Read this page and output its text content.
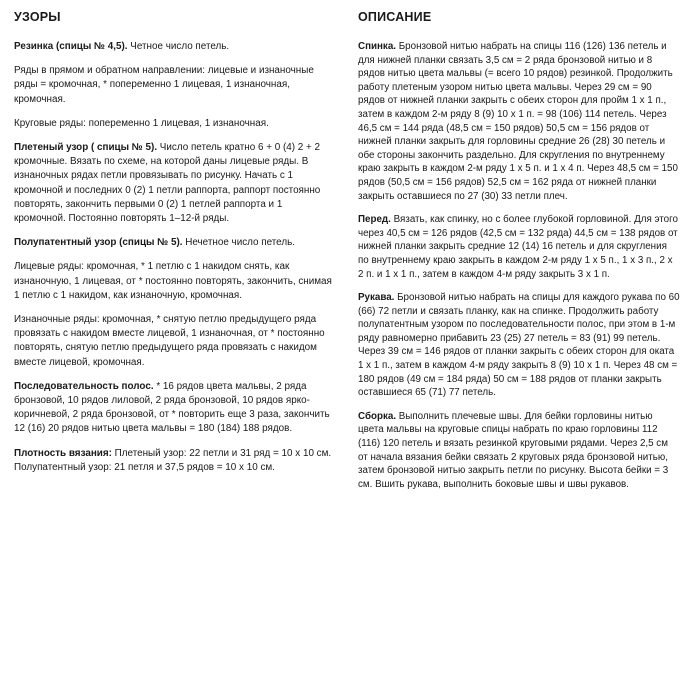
УЗОРЫ

Резинка (спицы № 4,5). Четное число петель.

Ряды в прямом и обратном направлении: лицевые и изнаночные ряды = кромочная, * попеременно 1 лицевая, 1 изнаночная, кромочная.

Круговые ряды: попеременно 1 лицевая, 1 изнаночная.

Плетеный узор ( спицы № 5). Число петель кратно 6 + 0 (4) 2 + 2 кромочные. Вязать по схеме, на которой даны лицевые ряды. В изнаночных рядах петли провязывать по рисунку. Начать с 1 кромочной и последних 0 (2) 1 петли раппорта, раппорт постоянно повторять, закончить первыми 0 (2) 1 петлей раппорта и 1 кромочной. Постоянно повторять 1–12-й ряды.

Полупатентный узор (спицы № 5). Нечетное число петель.

Лицевые ряды: кромочная, * 1 петлю с 1 накидом снять, как изнаночную, 1 лицевая, от * постоянно повторять, закончить, снимая 1 петлю с 1 накидом, как изнаночную, кромочная.

Изнаночные ряды: кромочная, * снятую петлю предыдущего ряда провязать с накидом вместе лицевой, 1 изнаночная, от * постоянно повторять, снятую петлю предыдущего ряда провязать с накидом вместе лицевой, кромочная.

Последовательность полос. * 16 рядов цвета мальвы, 2 ряда бронзовой, 10 рядов лиловой, 2 ряда бронзовой, 10 рядов ярко-коричневой, 2 ряда бронзовой, от * повторить еще 3 раза, закончить 12 (16) 20 рядов нитью цвета мальвы = 180 (184) 188 рядов.

Плотность вязания: Плетеный узор: 22 петли и 31 ряд = 10 х 10 см. Полупатентный узор: 21 петля и 37,5 рядов = 10 х 10 см.

ОПИСАНИЕ

Спинка. Бронзовой нитью набрать на спицы 116 (126) 136 петель и для нижней планки связать 3,5 см = 2 ряда бронзовой нитью и 8 рядов нитью цвета мальвы (= всего 10 рядов) резинкой. Продолжить работу плетеным узором нитью цвета мальвы. Через 29 см = 90 рядов от нижней планки закрыть с обеих сторон для пройм 1 х 1 п., затем в каждом 2-м ряду 8 (9) 10 х 1 п. = 98 (106) 114 петель. Через 46,5 см = 144 ряда (48,5 см = 150 рядов) 50,5 см = 156 рядов от нижней планки закрыть для горловины средние 26 (28) 30 петель и обе стороны закончить раздельно. Для скругления по внутреннему краю закрыть в каждом 2-м ряду 1 х 5 п. и 1 х 4 п. Через 48,5 см = 150 рядов (50,5 см = 156 рядов) 52,5 см = 162 ряда от нижней планки закрыть оставшиеся по 27 (30) 33 петли плеч.

Перед. Вязать, как спинку, но с более глубокой горловиной. Для этого через 40,5 см = 126 рядов (42,5 см = 132 ряда) 44,5 см = 138 рядов от нижней планки закрыть средние 12 (14) 16 петель и для скругления по внутреннему краю закрыть в каждом 2-м ряду 1 х 5 п., 1 х 3 п., 2 х 2 п. и 1 х 1 п., затем в каждом 4-м ряду закрыть 3 х 1 п.

Рукава. Бронзовой нитью набрать на спицы для каждого рукава по 60 (66) 72 петли и связать планку, как на спинке. Продолжить работу полупатентным узором по последовательности полос, при этом в 1-м ряду равномерно прибавить 23 (25) 27 петель = 83 (91) 99 петель. Через 39 см = 146 рядов от планки закрыть с обеих сторон для оката 1 х 1 п., затем в каждом 4-м ряду закрыть 8 (9) 10 х 1 п. Через 48 см = 180 рядов (49 см = 184 ряда) 50 см = 188 рядов от планки закрыть оставшиеся 65 (71) 77 петель.

Сборка. Выполнить плечевые швы. Для бейки горловины нитью цвета мальвы на круговые спицы набрать по краю горловины 112 (116) 120 петель и вязать резинкой круговыми рядами. Через 2,5 см от начала вязания бейки связать 2 круговых ряда бронзовой нитью, затем бронзовой нитью закрыть петли по рисунку. Высота бейки = 3 см. Вшить рукава, выполнить боковые швы и швы рукавов.
